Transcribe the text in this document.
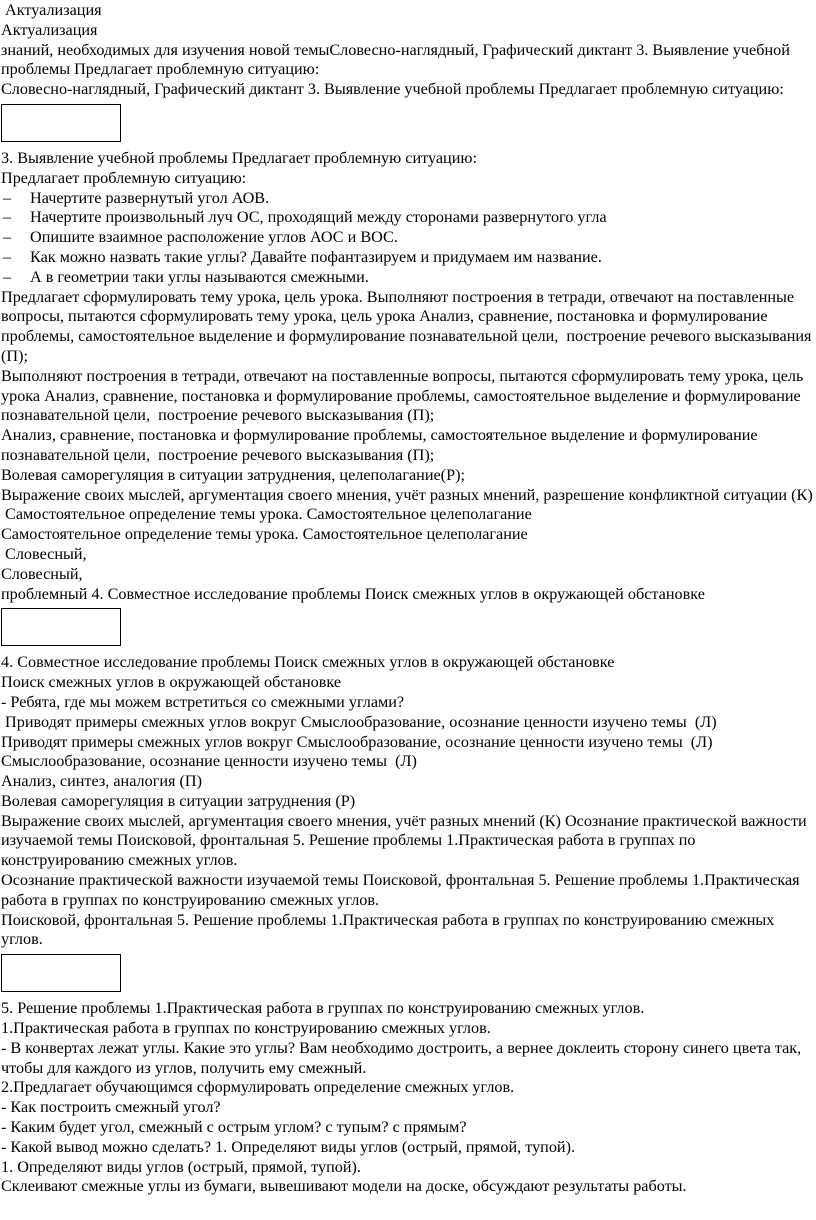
Актуализация
Актуализация
знаний, необходимых для изучения новой темыСловесно-наглядный, Графический диктант 3. Выявление учебной проблемы Предлагает проблемную ситуацию:
Словесно-наглядный, Графический диктант 3. Выявление учебной проблемы Предлагает проблемную ситуацию:
3. Выявление учебной проблемы Предлагает проблемную ситуацию:
Предлагает проблемную ситуацию:
–	Начертите развернутый угол АОВ.
–	Начертите произвольный луч ОС, проходящий между сторонами развернутого угла
–	Опишите взаимное расположение углов АОС и ВОС.
–	Как можно назвать такие углы? Давайте пофантазируем и придумаем им название.
–	А в геометрии таки углы называются смежными.
Предлагает сформулировать тему урока, цель урока. Выполняют построения в тетради, отвечают на поставленные вопросы, пытаются сформулировать тему урока, цель урока Анализ, сравнение, постановка и формулирование проблемы, самостоятельное выделение и формулирование познавательной цели,  построение речевого высказывания (П);
Выполняют построения в тетради, отвечают на поставленные вопросы, пытаются сформулировать тему урока, цель урока Анализ, сравнение, постановка и формулирование проблемы, самостоятельное выделение и формулирование познавательной цели,  построение речевого высказывания (П);
Анализ, сравнение, постановка и формулирование проблемы, самостоятельное выделение и формулирование познавательной цели,  построение речевого высказывания (П);
Волевая саморегуляция в ситуации затруднения, целеполагание(Р);
Выражение своих мыслей, аргументация своего мнения, учёт разных мнений, разрешение конфликтной ситуации (К)
Самостоятельное определение темы урока. Самостоятельное целеполагание
Самостоятельное определение темы урока. Самостоятельное целеполагание
Словесный,
Словесный,
проблемный 4. Совместное исследование проблемы Поиск смежных углов в окружающей обстановке
4. Совместное исследование проблемы Поиск смежных углов в окружающей обстановке
Поиск смежных углов в окружающей обстановке
- Ребята, где мы можем встретиться со смежными углами?
Приводят примеры смежных углов вокруг Смыслообразование, осознание ценности изучено темы  (Л)
Приводят примеры смежных углов вокруг Смыслообразование, осознание ценности изучено темы  (Л)
Смыслообразование, осознание ценности изучено темы  (Л)
Анализ, синтез, аналогия (П)
Волевая саморегуляция в ситуации затруднения (Р)
Выражение своих мыслей, аргументация своего мнения, учёт разных мнений (К) Осознание практической важности изучаемой темы Поисковой, фронтальная 5. Решение проблемы 1.Практическая работа в группах по конструированию смежных углов.
Осознание практической важности изучаемой темы Поисковой, фронтальная 5. Решение проблемы 1.Практическая работа в группах по конструированию смежных углов.
Поисковой, фронтальная 5. Решение проблемы 1.Практическая работа в группах по конструированию смежных углов.
5. Решение проблемы 1.Практическая работа в группах по конструированию смежных углов.
1.Практическая работа в группах по конструированию смежных углов.
- В конвертах лежат углы. Какие это углы? Вам необходимо достроить, а вернее доклеить сторону синего цвета так, чтобы для каждого из углов, получить ему смежный.
2.Предлагает обучающимся сформулировать определение смежных углов.
- Как построить смежный угол?
- Каким будет угол, смежный с острым углом? с тупым? с прямым?
- Какой вывод можно сделать? 1. Определяют виды углов (острый, прямой, тупой).
1. Определяют виды углов (острый, прямой, тупой).
Склеивают смежные углы из бумаги, вывешивают модели на доске, обсуждают результаты работы.
